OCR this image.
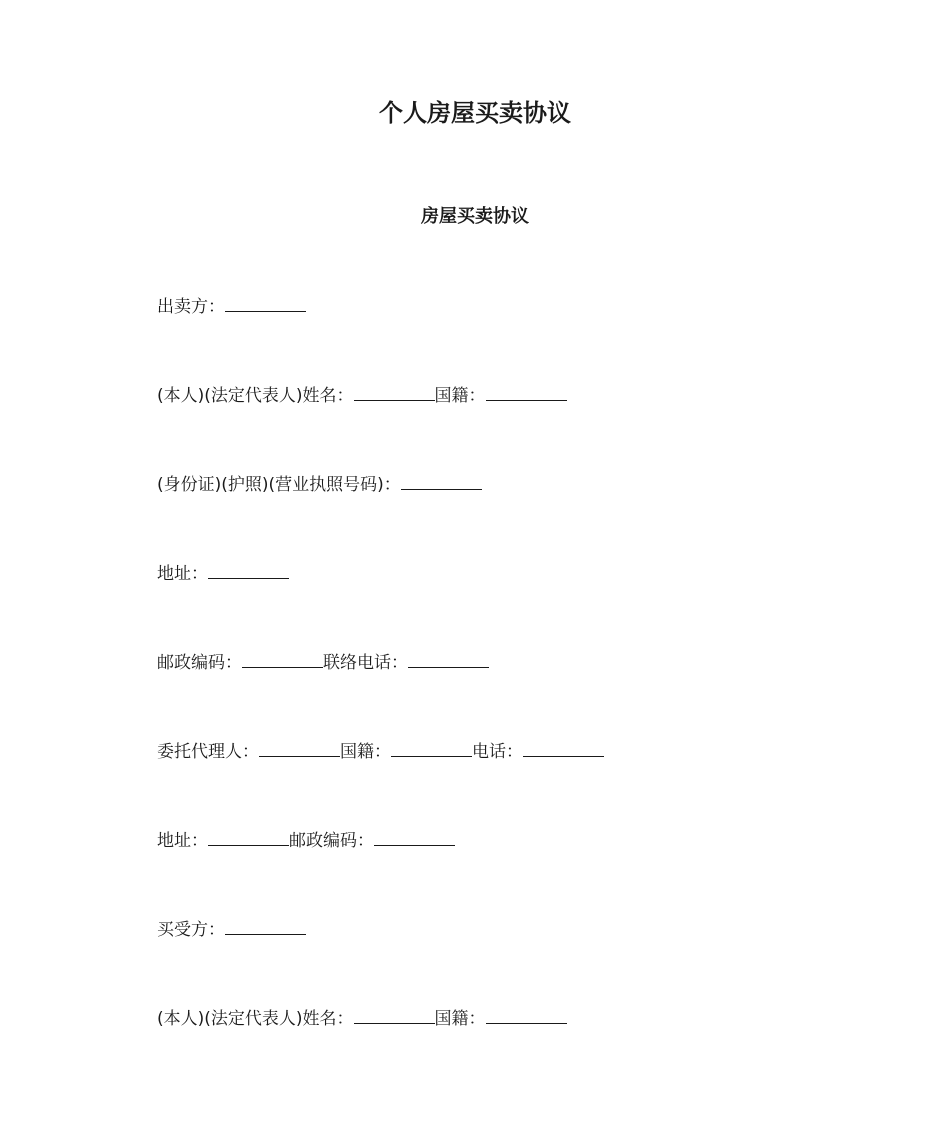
个人房屋买卖协议
房屋买卖协议
出卖方：
(本人)(法定代表人)姓名：	国籍：
(身份证)(护照)(营业执照号码)：
地址：
邮政编码：	联络电话：
委托代理人：	国籍：	电话：
地址：	邮政编码：
买受方：
(本人)(法定代表人)姓名：	国籍：
